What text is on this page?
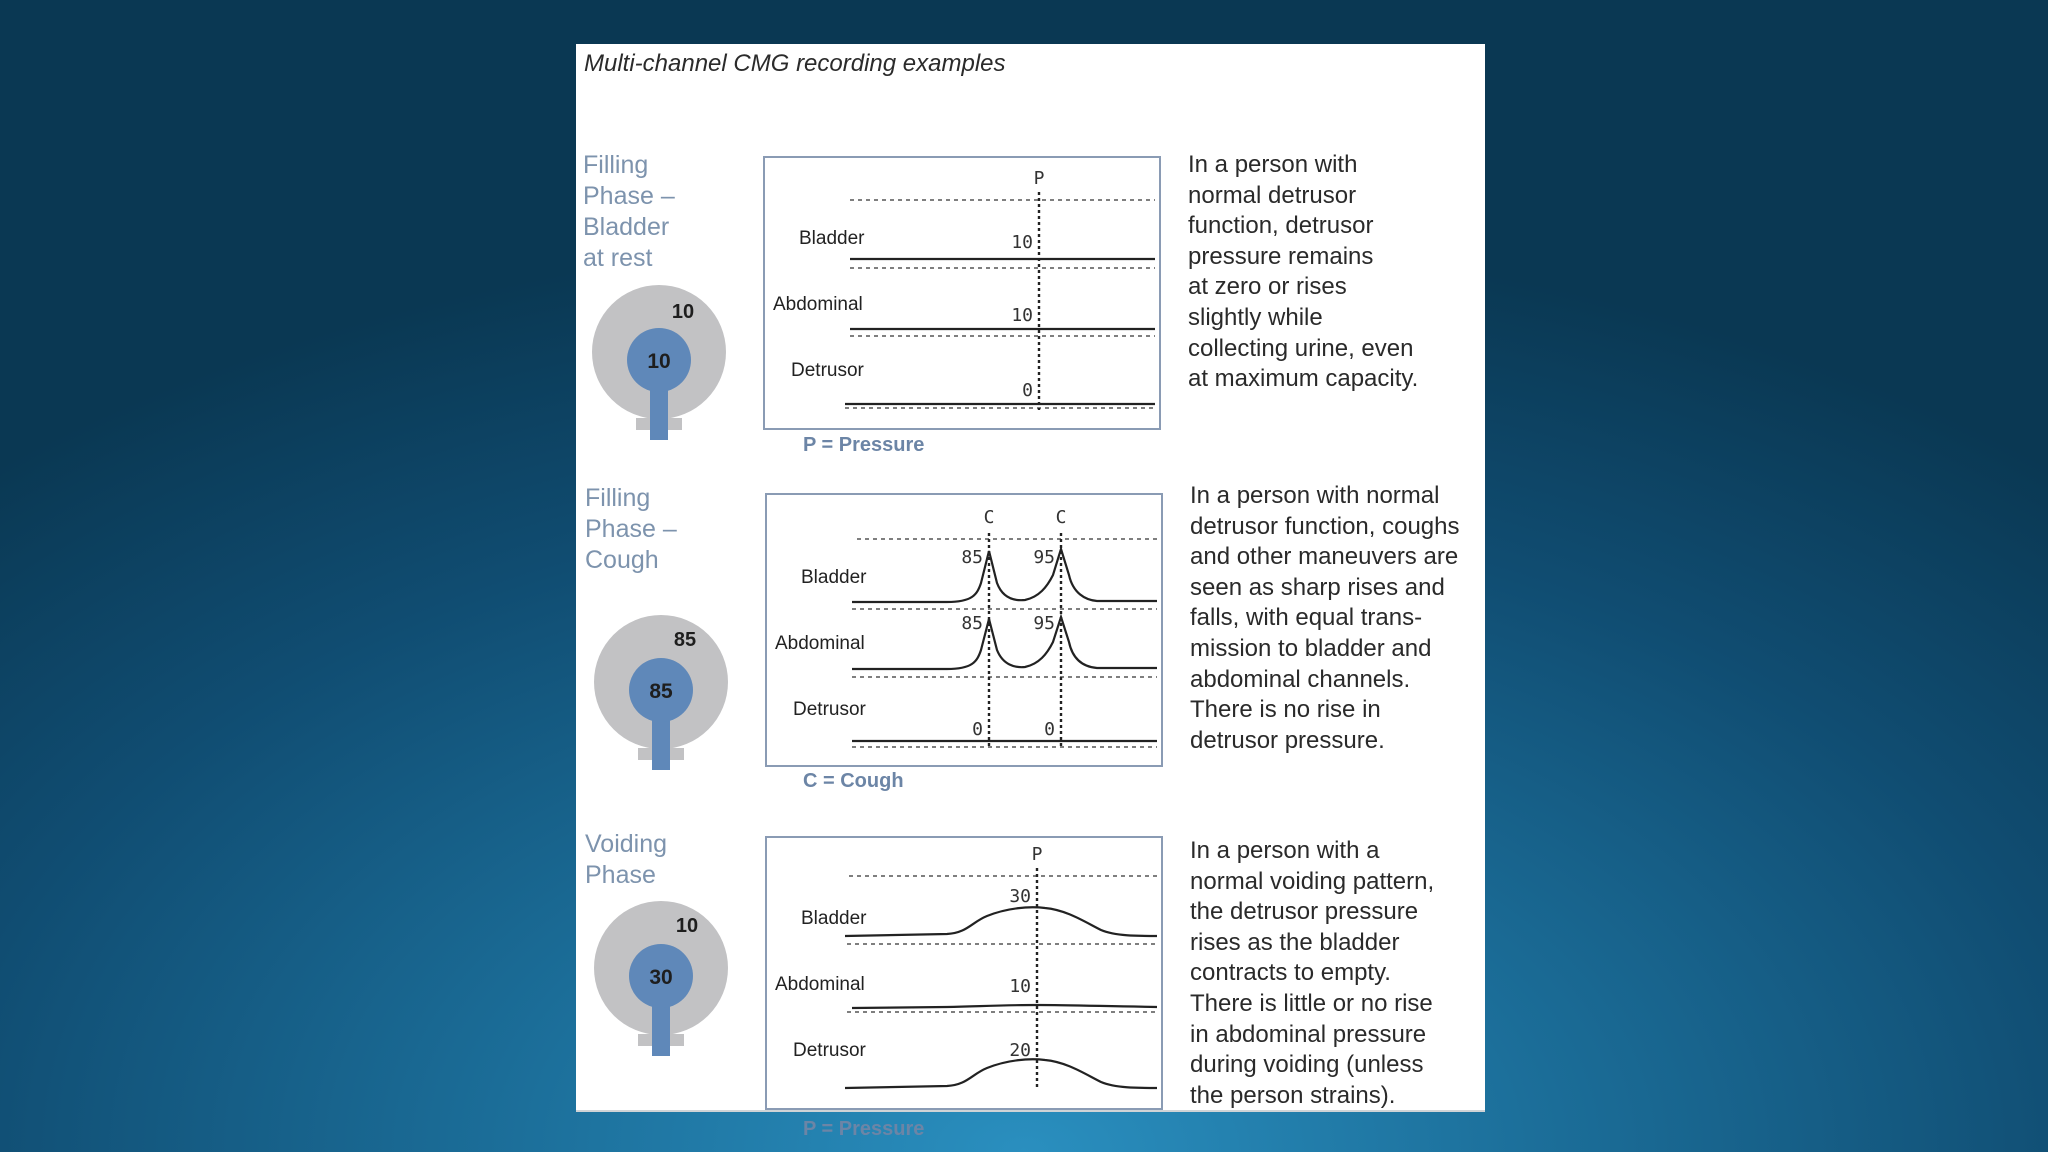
Multi-channel CMG recording examples
Filling
Phase –
Bladder
at rest
10
10
Bladder
Abdominal
Detrusor
P
10
10
0
P = Pressure
In a person with
normal detrusor
function, detrusor
pressure remains
at zero or rises
slightly while
collecting urine, even
at maximum capacity.
Filling
Phase –
Cough
85
85
Bladder
Abdominal
Detrusor
C	C
85	95
85	95
0	0
C = Cough
In a person with normal
detrusor function, coughs
and other maneuvers are
seen as sharp rises and
falls, with equal trans-
mission to bladder and
abdominal channels.
There is no rise in
detrusor pressure.
Voiding
Phase
10
30
Bladder
Abdominal
Detrusor
P
30
10
20
P = Pressure
In a person with a
normal voiding pattern,
the detrusor pressure
rises as the bladder
contracts to empty.
There is little or no rise
in abdominal pressure
during voiding (unless
the person strains).
